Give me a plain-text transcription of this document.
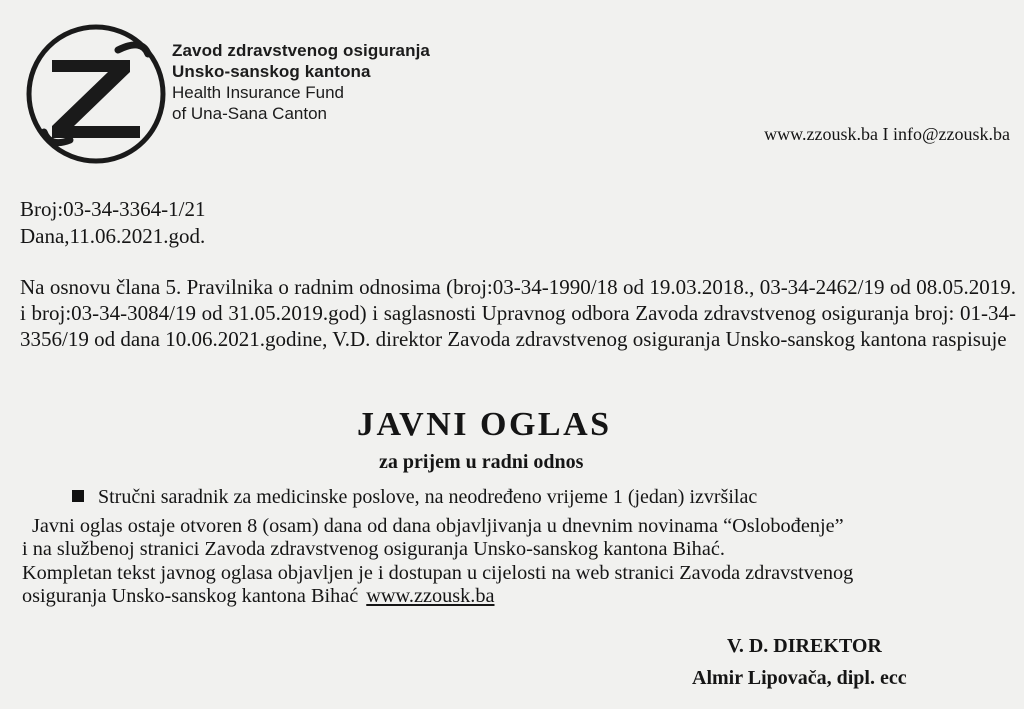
Zavod zdravstvenog osiguranja
Unsko-sanskog kantona
Health Insurance Fund
of Una-Sana Canton
www.zzousk.ba I info@zzousk.ba
Broj:03-34-3364-1/21
Dana,11.06.2021.god.
Na osnovu člana 5. Pravilnika o radnim odnosima (broj:03-34-1990/18 od 19.03.2018., 03-34-2462/19 od 08.05.2019. i broj:03-34-3084/19 od 31.05.2019.god) i saglasnosti Upravnog odbora Zavoda zdravstvenog osiguranja broj: 01-34-3356/19 od dana 10.06.2021.godine, V.D. direktor Zavoda zdravstvenog osiguranja Unsko-sanskog kantona raspisuje
JAVNI OGLAS
za prijem u radni odnos
Stručni saradnik za medicinske poslove, na neodređeno vrijeme 1 (jedan) izvršilac
Javni oglas ostaje otvoren 8 (osam) dana od dana objavljivanja u dnevnim novinama “Oslobođenje”
i na službenoj stranici Zavoda zdravstvenog osiguranja Unsko-sanskog kantona Bihać.
Kompletan tekst javnog oglasa objavljen je i dostupan u cijelosti na web stranici Zavoda zdravstvenog
osiguranja Unsko-sanskog kantona Bihać www.zzousk.ba
V. D. DIREKTOR
Almir Lipovača, dipl. ecc
